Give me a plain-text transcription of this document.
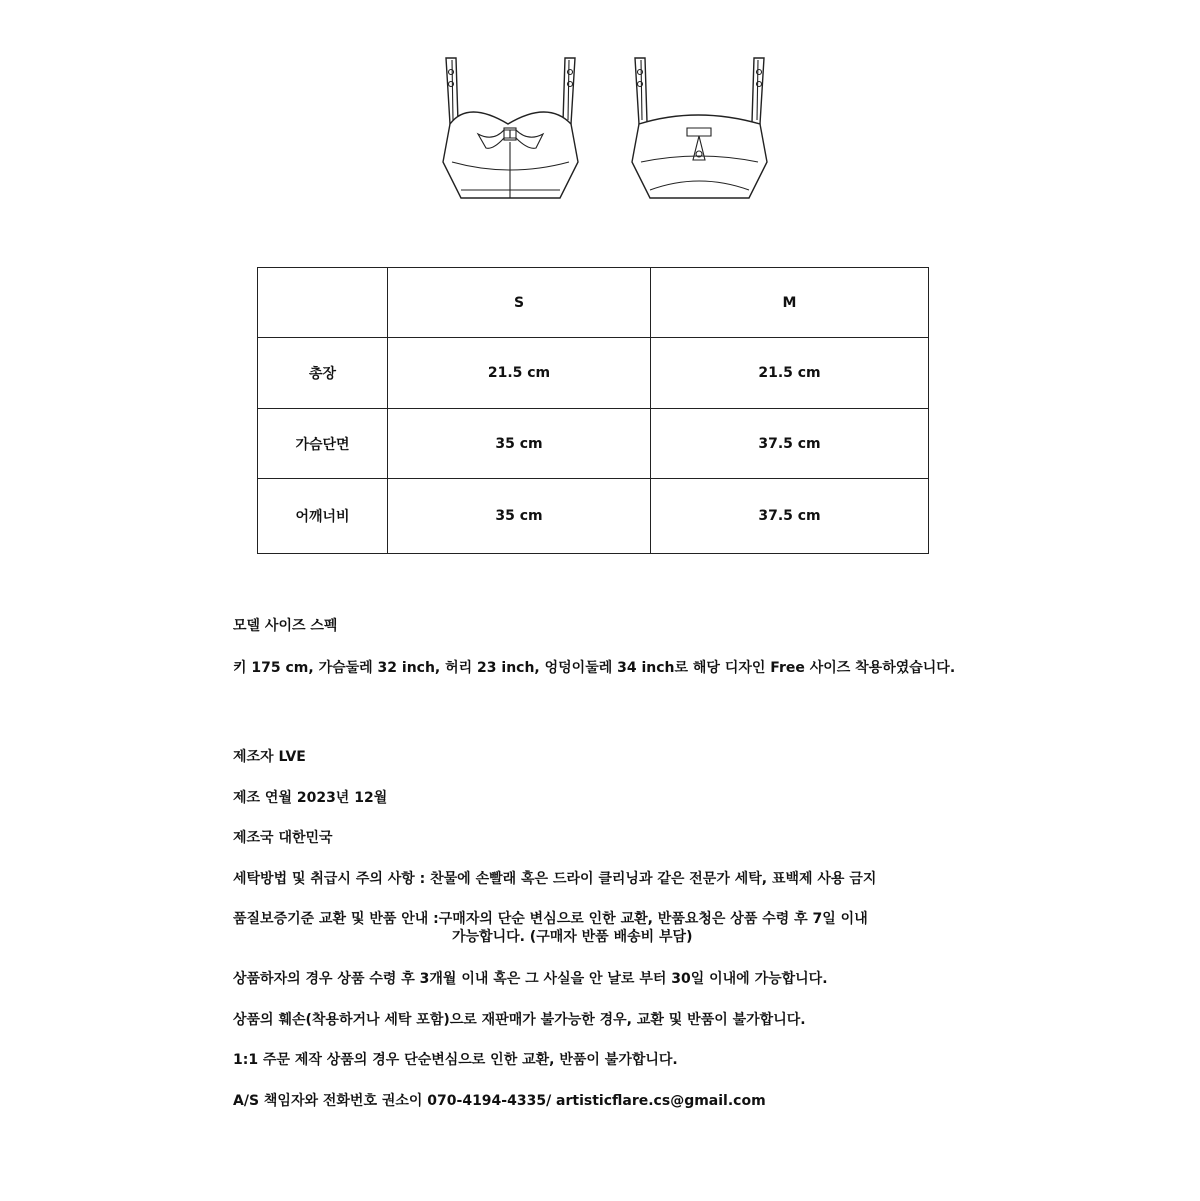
	S	M
총장	21.5 cm	21.5 cm
가슴단면	35 cm	37.5 cm
어깨너비	35 cm	37.5 cm

모델 사이즈 스펙

키 175 cm, 가슴둘레 32 inch, 허리 23 inch, 엉덩이둘레 34 inch로 해당 디자인 Free 사이즈 착용하였습니다.

제조자 LVE

제조 연월 2023년 12월

제조국 대한민국

세탁방법 및 취급시 주의 사항 : 찬물에 손빨래 혹은 드라이 클리닝과 같은 전문가 세탁, 표백제 사용 금지

품질보증기준 교환 및 반품 안내 :구매자의 단순 변심으로 인한 교환, 반품요청은 상품 수령 후 7일 이내
가능합니다. (구매자 반품 배송비 부담)

상품하자의 경우 상품 수령 후 3개월 이내 혹은 그 사실을 안 날로 부터 30일 이내에 가능합니다.

상품의 훼손(착용하거나 세탁 포함)으로 재판매가 불가능한 경우, 교환 및 반품이 불가합니다.

1:1 주문 제작 상품의 경우 단순변심으로 인한 교환, 반품이 불가합니다.

A/S 책임자와 전화번호 권소이 070-4194-4335/ artisticflare.cs@gmail.com
